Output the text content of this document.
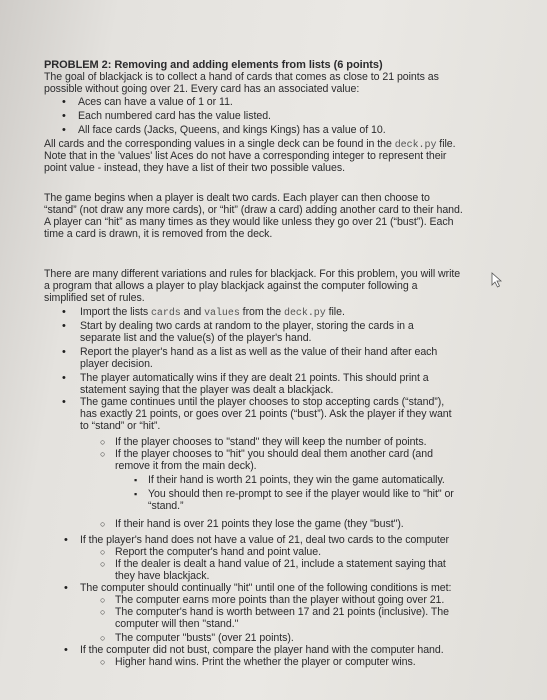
PROBLEM 2: Removing and adding elements from lists (6 points)
The goal of blackjack is to collect a hand of cards that comes as close to 21 points as
possible without going over 21. Every card has an associated value:
• Aces can have a value of 1 or 11.
• Each numbered card has the value listed.
• All face cards (Jacks, Queens, and kings Kings) has a value of 10.
All cards and the corresponding values in a single deck can be found in the deck.py file.
Note that in the 'values' list Aces do not have a corresponding integer to represent their
point value - instead, they have a list of their two possible values.
The game begins when a player is dealt two cards. Each player can then choose to
“stand” (not draw any more cards), or “hit” (draw a card) adding another card to their hand.
A player can “hit” as many times as they would like unless they go over 21 (“bust”). Each
time a card is drawn, it is removed from the deck.
There are many different variations and rules for blackjack. For this problem, you will write
a program that allows a player to play blackjack against the computer following a
simplified set of rules.
• Import the lists cards and values from the deck.py file.
• Start by dealing two cards at random to the player, storing the cards in a
separate list and the value(s) of the player's hand.
• Report the player's hand as a list as well as the value of their hand after each
player decision.
• The player automatically wins if they are dealt 21 points. This should print a
statement saying that the player was dealt a blackjack.
• The game continues until the player chooses to stop accepting cards (“stand”),
has exactly 21 points, or goes over 21 points (“bust”). Ask the player if they want
to “stand” or “hit”.
○ If the player chooses to "stand" they will keep the number of points.
○ If the player chooses to "hit" you should deal them another card (and
remove it from the main deck).
▪ If their hand is worth 21 points, they win the game automatically.
▪ You should then re-prompt to see if the player would like to "hit" or
“stand.”
○ If their hand is over 21 points they lose the game (they "bust").
• If the player's hand does not have a value of 21, deal two cards to the computer
○ Report the computer's hand and point value.
○ If the dealer is dealt a hand value of 21, include a statement saying that
they have blackjack.
• The computer should continually "hit" until one of the following conditions is met:
○ The computer earns more points than the player without going over 21.
○ The computer's hand is worth between 17 and 21 points (inclusive). The
computer will then "stand."
○ The computer "busts" (over 21 points).
• If the computer did not bust, compare the player hand with the computer hand.
○ Higher hand wins. Print the whether the player or computer wins.
